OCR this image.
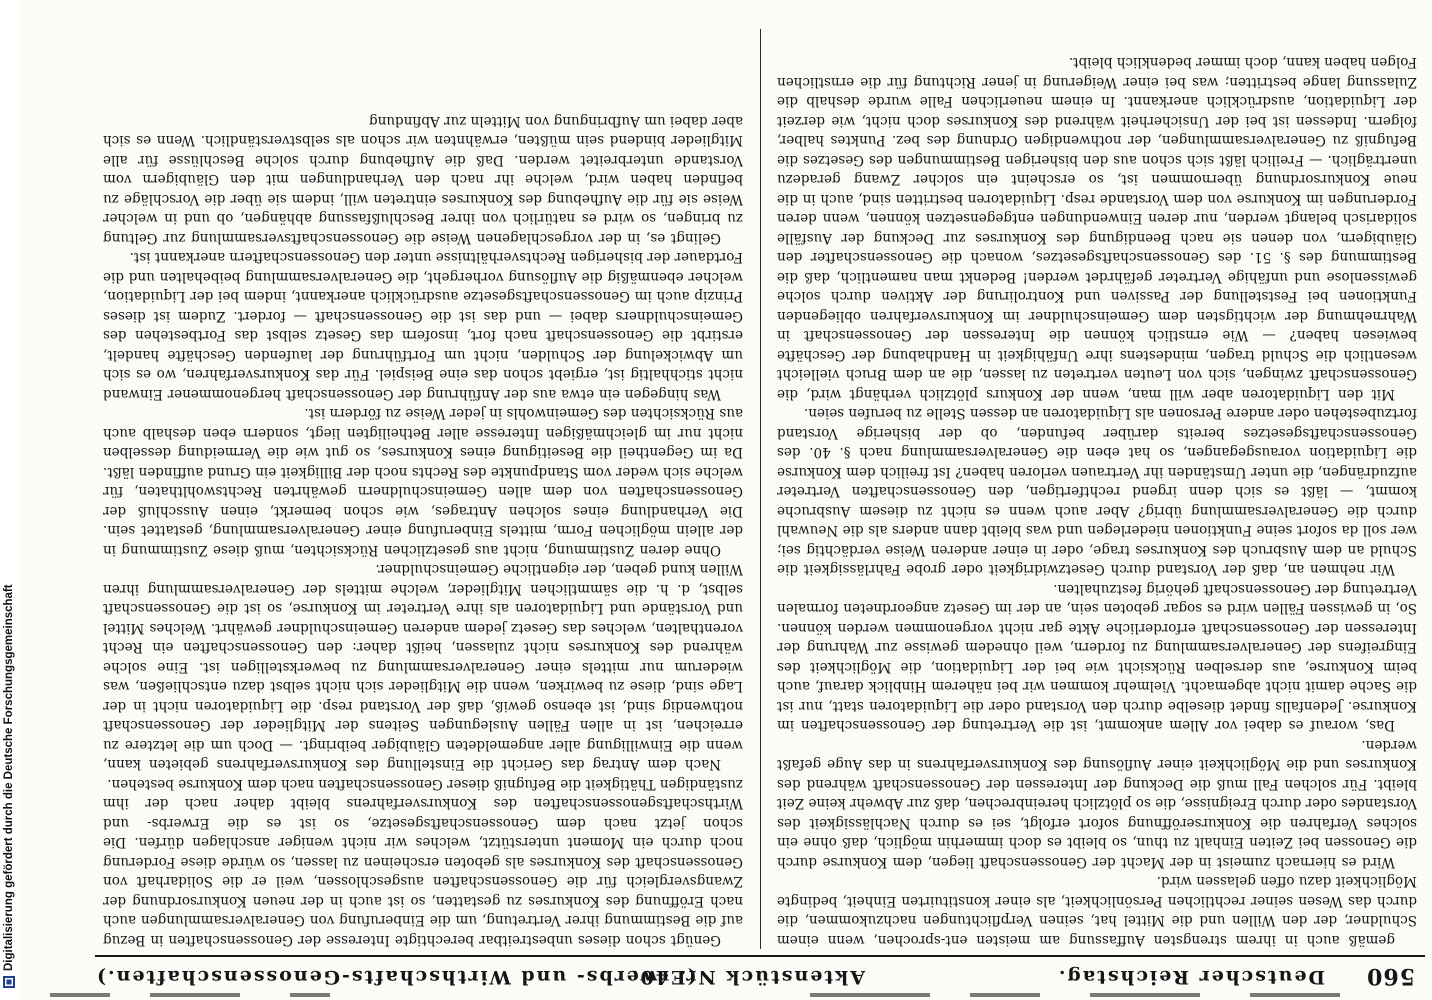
560
Deutscher Reichstag.
Aktenstück Nr. 40.
(Erwerbs- und Wirthschafts-Genossenschaften.)

gemäß auch in ihrem strengsten Auffassung am meisten ent-sprochen, wenn einem Schuldner, der den Willen und die Mittel hat, seinen Verpflichtungen nachzukommen, die durch das Wesen seiner rechtlichen Persönlichkeit, als einer konstituirten Einheit, bedingte Möglichkeit dazu offen gelassen wird.

Wird es hiernach zumeist in der Macht der Genossenschaft liegen, dem Konkurse durch die Genossen bei Zeiten Einhalt zu thun, so bleibt es doch immerhin möglich, daß ohne ein solches Verfahren die Konkurseröffnung sofort erfolgt, sei es durch Nachlässigkeit des Vorstandes oder durch Ereignisse, die so plötzlich hereinbrechen, daß zur Abwehr keine Zeit bleibt. Für solchen Fall muß die Deckung der Interessen der Genossenschaft während des Konkurses und die Möglichkeit einer Auflösung des Konkursverfahrens in das Auge gefaßt werden.

Das, worauf es dabei vor Allem ankommt, ist die Vertretung der Genossenschaften im Konkurse. Jedenfalls findet dieselbe durch den Vorstand oder die Liquidatoren statt, nur ist die Sache damit nicht abgemacht. Vielmehr kommen wir bei näherem Hinblick darauf, auch beim Konkurse, aus derselben Rücksicht wie bei der Liquidation, die Möglichkeit des Eingreifens der Generalversammlung zu fordern, weil ohnedem gewisse zur Wahrung der Interessen der Genossenschaft erforderliche Akte gar nicht vorgenommen werden können. So, in gewissen Fällen wird es sogar geboten sein, an der im Gesetz angeordneten formalen Vertretung der Genossenschaft gehörig festzuhalten.

Wir nehmen an, daß der Vorstand durch Gesetzwidrigkeit oder grobe Fahrlässigkeit die Schuld an dem Ausbruch des Konkurses trage, oder in einer anderen Weise verdächtig sei; wer soll da sofort seine Funktionen niederlegen und was bleibt dann anders als die Neuwahl durch die Generalversammlung übrig? Aber auch wenn es nicht zu diesem Ausbruche kommt, — läßt es sich denn irgend rechtfertigen, den Genossenschaften Vertreter aufzudrängen, die unter Umständen ihr Vertrauen verloren haben? Ist freilich dem Konkurse die Liquidation vorausgegangen, so hat eben die Generalversammlung nach §. 40. des Genossenschaftsgesetzes bereits darüber befunden, ob der bisherige Vorstand fortzubestehen oder andere Personen als Liquidatoren an dessen Stelle zu berufen seien.

Mit den Liquidatoren aber will man, wenn der Konkurs plötzlich verhängt wird, die Genossenschaft zwingen, sich von Leuten vertreten zu lassen, die an dem Bruch vielleicht wesentlich die Schuld tragen, mindestens ihre Unfähigkeit in Handhabung der Geschäfte bewiesen haben? — Wie ernstlich können die Interessen der Genossenschaft in Wahrnehmung der wichtigsten dem Gemeinschuldner im Konkursverfahren obliegenden Funktionen bei Feststellung der Passiven und Kontrolirung der Aktiven durch solche gewissenlose und unfähige Vertreter gefährdet werden! Bedenkt man namentlich, daß die Bestimmung des §. 51. des Genossenschaftsgesetzes, wonach die Genossenschafter den Gläubigern, von denen sie nach Beendigung des Konkurses zur Deckung der Ausfälle solidarisch belangt werden, nur deren Einwendungen entgegensetzen können, wenn deren Forderungen im Konkurse von dem Vorstande resp. Liquidatoren bestritten sind, auch in die neue Konkursordnung übernommen ist, so erscheint ein solcher Zwang geradezu unerträglich. — Freilich läßt sich schon aus den bisherigen Bestimmungen des Gesetzes die Befugniß zu Generalversammlungen, der nothwendigen Ordnung des bez. Punktes halber, folgern. Indessen ist bei der Unsicherheit während des Konkurses doch nicht, wie derzeit der Liquidation, ausdrücklich anerkannt. In einem neuerlichen Falle wurde deshalb die Zulassung lange bestritten; was bei einer Weigerung in jener Richtung für die ernstlichen Folgen haben kann, doch immer bedenklich bleibt.

Genügt schon dieses unbestreitbar berechtigte Interesse der Genossenschaften in Bezug auf die Bestimmung ihrer Vertretung, um die Einberufung von Generalversammlungen auch nach Eröffnung des Konkurses zu gestatten, so ist auch in der neuen Konkursordnung der Zwangsvergleich für die Genossenschaften ausgeschlossen, weil er die Solidarhaft von Genossenschaft des Konkurses als geboten erscheinen zu lassen, so würde diese Forderung noch durch ein Moment unterstützt, welches wir nicht weniger anschlagen dürfen. Die schon jetzt nach dem Genossenschaftsgesetze, so ist es die Erwerbs- und Wirthschaftsgenossenschaften des Konkursverfahrens bleibt daher nach der ihm zuständigen Thätigkeit die Befugniß dieser Genossenschaften nach dem Konkurse bestehen.

Nach dem Antrag das Gericht die Einstellung des Konkursverfahrens gebieten kann, wenn die Einwilligung aller angemeldeten Gläubiger beibringt. — Doch um die letztere zu erreichen, ist in allen Fällen Auslegungen Seitens der Mitglieder der Genossenschaft nothwendig sind, ist ebenso gewiß, daß der Vorstand resp. die Liquidatoren nicht in der Lage sind, diese zu bewirken, wenn die Mitglieder sich nicht selbst dazu entschließen, was wiederum nur mittels einer Generalversammlung zu bewerkstelligen ist. Eine solche während des Konkurses nicht zulassen, heißt daher: den Genossenschaften ein Recht vorenthalten, welches das Gesetz jedem anderen Gemeinschuldner gewährt. Welches Mittel und Vorstände und Liquidatoren als ihre Vertreter im Konkurse, so ist die Genossenschaft selbst, d. h. die sämmtlichen Mitglieder, welche mittels der Generalversammlung ihren Willen kund geben, der eigentliche Gemeinschuldner.

Ohne deren Zustimmung, nicht aus gesetzlichen Rücksichten, muß diese Zustimmung in der allein möglichen Form, mittels Einberufung einer Generalversammlung, gestattet sein. Die Verhandlung eines solchen Antrages, wie schon bemerkt, einen Ausschluß der Genossenschaften von dem allen Gemeinschuldnern gewährten Rechtswohlthaten, für welche sich weder vom Standpunkte des Rechts noch der Billigkeit ein Grund auffinden läßt. Da im Gegentheil die Beseitigung eines Konkurses, so gut wie die Vermeidung desselben nicht nur im gleichmäßigen Interesse aller Betheiligten liegt, sondern eben deshalb auch aus Rücksichten des Gemeinwohls in jeder Weise zu fördern ist.

Was hingegen ein etwa aus der Anführung der Genossenschaft hergenommener Einwand nicht stichhaltig ist, ergiebt schon das eine Beispiel. Für das Konkursverfahren, wo es sich um Abwickelung der Schulden, nicht um Fortführung der laufenden Geschäfte handelt, erstirbt die Genossenschaft nach fort, insofern das Gesetz selbst das Fortbestehen des Gemeinschuldners dabei — und das ist die Genossenschaft — fordert. Zudem ist dieses Prinzip auch im Genossenschaftsgesetze ausdrücklich anerkannt, indem bei der Liquidation, welcher ebenmäßig die Auflösung vorhergeht, die Generalversammlung beibehalten und die Fortdauer der bisherigen Rechtsverhältnisse unter den Genossenschaftern anerkannt ist.

Gelingt es, in der vorgeschlagenen Weise die Genossenschaftsversammlung zur Geltung zu bringen, so wird es natürlich von ihrer Beschlußfassung abhängen, ob und in welcher Weise sie für die Aufhebung des Konkurses eintreten will, indem sie über die Vorschläge zu befinden haben wird, welche ihr nach den Verhandlungen mit den Gläubigern vom Vorstande unterbreitet werden. Daß die Aufhebung durch solche Beschlüsse für alle Mitglieder bindend sein müßten, erwähnten wir schon als selbstverständlich. Wenn es sich aber dabei um Aufbringung von Mitteln zur Abfindung

Digitalisierung gefördert durch die Deutsche Forschungsgemeinschaft
